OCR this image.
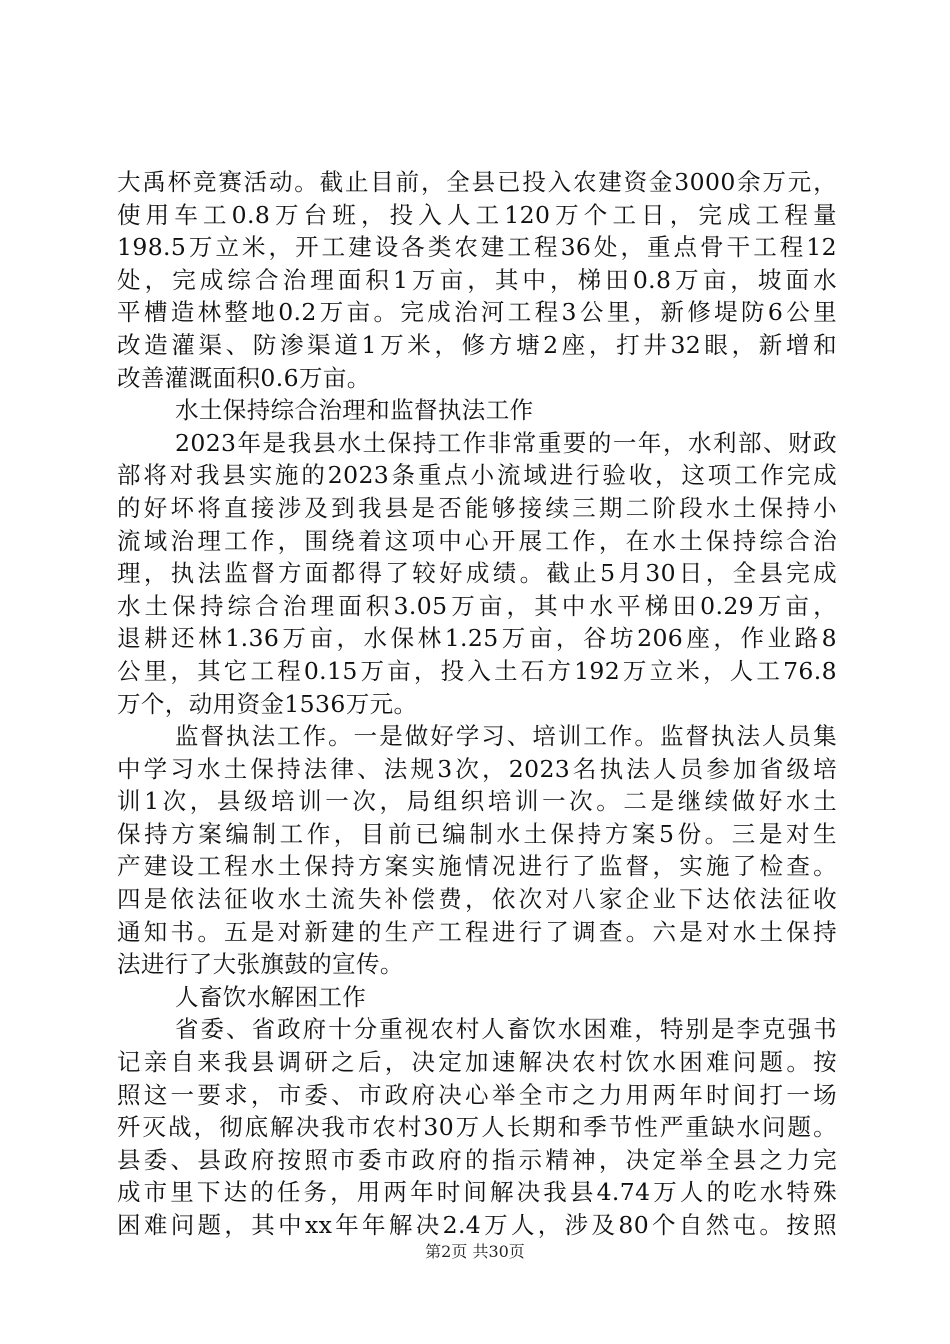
大禹杯竞赛活动。截止目前，全县已投入农建资金3000余万元，
使用车工0.8万台班，投入人工120万个工日，完成工程量
198.5万立米，开工建设各类农建工程36处，重点骨干工程12
处，完成综合治理面积1万亩，其中，梯田0.8万亩，坡面水
平槽造林整地0.2万亩。完成治河工程3公里，新修堤防6公里
改造灌渠、防渗渠道1万米，修方塘2座，打井32眼，新增和
改善灌溉面积0.6万亩。
水土保持综合治理和监督执法工作
2023年是我县水土保持工作非常重要的一年，水利部、财政
部将对我县实施的2023条重点小流域进行验收，这项工作完成
的好坏将直接涉及到我县是否能够接续三期二阶段水土保持小
流域治理工作，围绕着这项中心开展工作，在水土保持综合治
理，执法监督方面都得了较好成绩。截止5月30日，全县完成
水土保持综合治理面积3.05万亩，其中水平梯田0.29万亩，
退耕还林1.36万亩，水保林1.25万亩，谷坊206座，作业路8
公里，其它工程0.15万亩，投入土石方192万立米，人工76.8
万个，动用资金1536万元。
监督执法工作。一是做好学习、培训工作。监督执法人员集
中学习水土保持法律、法规3次，2023名执法人员参加省级培
训1次，县级培训一次，局组织培训一次。二是继续做好水土
保持方案编制工作，目前已编制水土保持方案5份。三是对生
产建设工程水土保持方案实施情况进行了监督，实施了检查。
四是依法征收水土流失补偿费，依次对八家企业下达依法征收
通知书。五是对新建的生产工程进行了调查。六是对水土保持
法进行了大张旗鼓的宣传。
人畜饮水解困工作
省委、省政府十分重视农村人畜饮水困难，特别是李克强书
记亲自来我县调研之后，决定加速解决农村饮水困难问题。按
照这一要求，市委、市政府决心举全市之力用两年时间打一场
歼灭战，彻底解决我市农村30万人长期和季节性严重缺水问题。
县委、县政府按照市委市政府的指示精神，决定举全县之力完
成市里下达的任务，用两年时间解决我县4.74万人的吃水特殊
困难问题，其中xx年年解决2.4万人，涉及80个自然屯。按照
第2页 共30页
